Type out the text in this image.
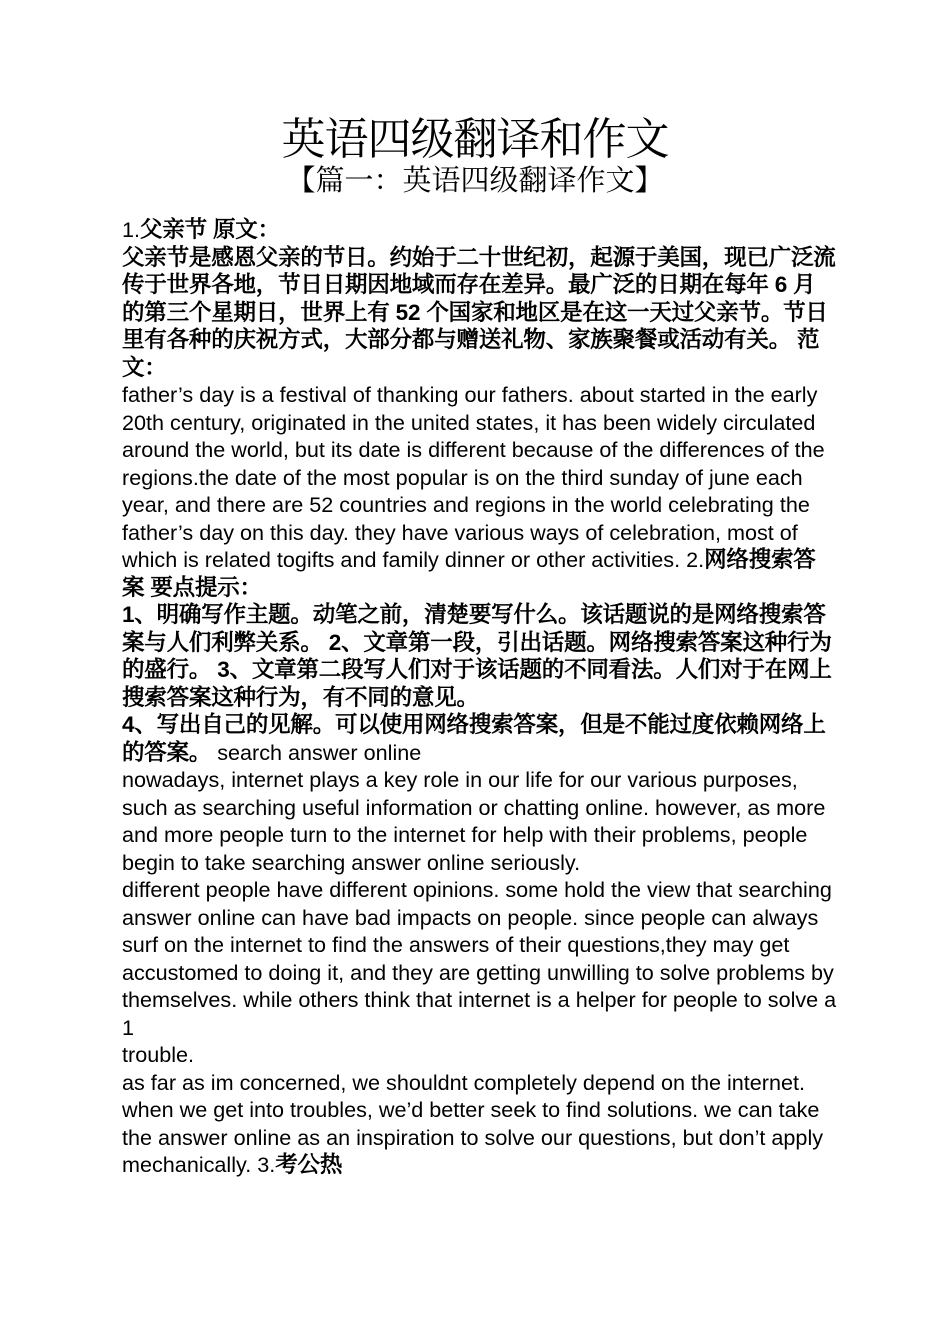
英语四级翻译和作文
【篇一：英语四级翻译作文】

1.父亲节 原文：

父亲节是感恩父亲的节日。约始于二十世纪初，起源于美国，现已广泛流传于世界各地，节日日期因地域而存在差异。最广泛的日期在每年 6 月的第三个星期日，世界上有 52 个国家和地区是在这一天过父亲节。节日里有各种的庆祝方式，大部分都与赠送礼物、家族聚餐或活动有关。 范文：

father’s day is a festival of thanking our fathers. about started in the early 20th century, originated in the united states, it has been widely circulated around the world, but its date is different because of the differences of the regions.the date of the most popular is on the third sunday of june each year, and there are 52 countries and regions in the world celebrating the father’s day on this day. they have various ways of celebration, most of which is related togifts and family dinner or other activities. 2.网络搜索答案 要点提示：

1、明确写作主题。动笔之前，清楚要写什么。该话题说的是网络搜索答案与人们利弊关系。 2、文章第一段，引出话题。网络搜索答案这种行为的盛行。 3、文章第二段写人们对于该话题的不同看法。人们对于在网上搜索答案这种行为，有不同的意见。

4、写出自己的见解。可以使用网络搜索答案，但是不能过度依赖网络上的答案。 search answer online

nowadays, internet plays a key role in our life for our various purposes, such as searching useful information or chatting online. however, as more and more people turn to the internet for help with their problems, people begin to take searching answer online seriously.

different people have different opinions. some hold the view that searching answer online can have bad impacts on people. since people can always surf on the internet to find the answers of their questions,they may get accustomed to doing it, and they are getting unwilling to solve problems by themselves. while others think that internet is a helper for people to solve a 1

trouble.

as far as im concerned, we shouldnt completely depend on the internet. when we get into troubles, we’d better seek to find solutions. we can take the answer online as an inspiration to solve our questions, but don’t apply mechanically. 3.考公热
